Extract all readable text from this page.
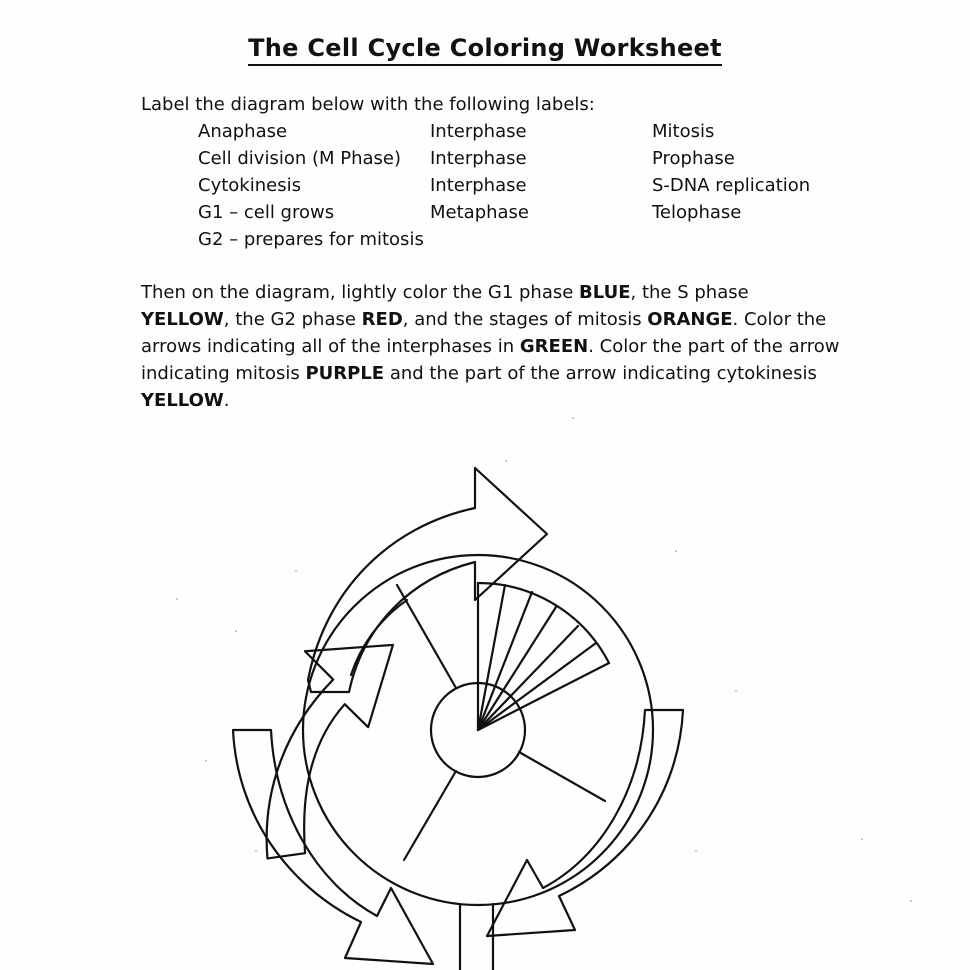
The Cell Cycle Coloring Worksheet
Label the diagram below with the following labels:
Anaphase	Interphase	Mitosis
Cell division (M Phase)	Interphase	Prophase
Cytokinesis	Interphase	S-DNA replication
G1 – cell grows	Metaphase	Telophase
G2 – prepares for mitosis
Then on the diagram, lightly color the G1 phase BLUE, the S phase YELLOW, the G2 phase RED, and the stages of mitosis ORANGE. Color the arrows indicating all of the interphases in GREEN. Color the part of the arrow indicating mitosis PURPLE and the part of the arrow indicating cytokinesis YELLOW.
